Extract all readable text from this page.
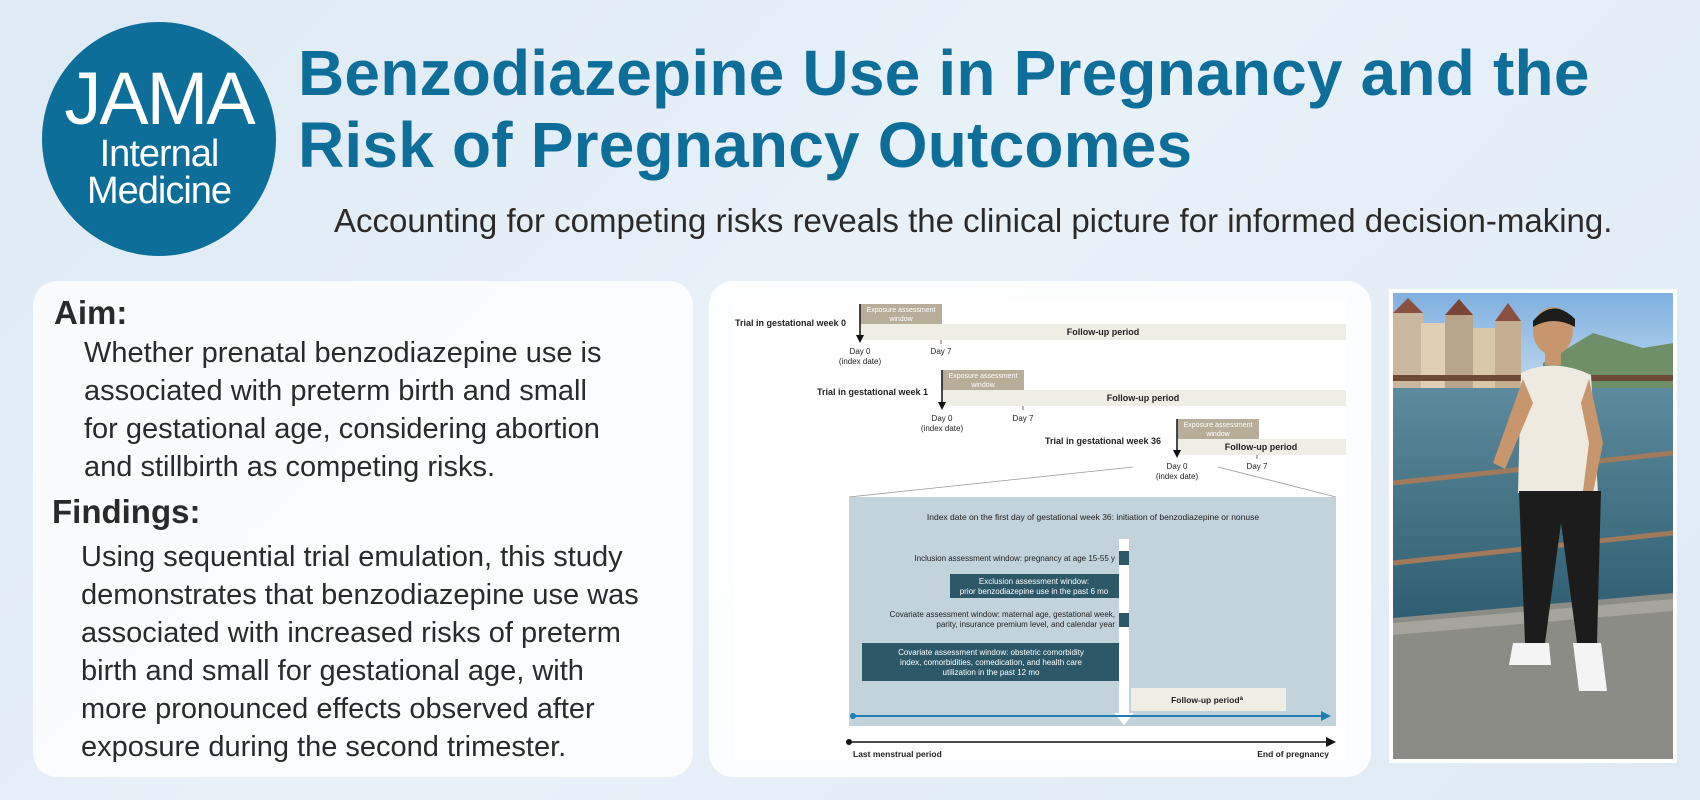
JAMA
Internal
Medicine
Benzodiazepine Use in Pregnancy and the Risk of Pregnancy Outcomes
Accounting for competing risks reveals the clinical picture for informed decision-making.
Aim:

Whether prenatal benzodiazepine use is

associated with preterm birth and small

for gestational age, considering abortion

and stillbirth as competing risks.

Findings:

Using sequential trial emulation, this study

demonstrates that benzodiazepine use was

associated with increased risks of preterm

birth and small for gestational age, with

more pronounced effects observed after

exposure during the second trimester.

Exposure assessment
window
Follow-up period
Trial in gestational week 0
Day 0
(index date)
Day 7
Exposure assessment
window
Follow-up period
Trial in gestational week 1
Day 0
(index date)
Day 7
Exposure assessment
window
Follow-up period
Trial in gestational week 36
Day 0
(index date)
Day 7
Index date on the first day of gestational week 36: initiation of benzodiazepine or nonuse
Inclusion assessment window: pregnancy at age 15-55 y
Exclusion assessment window:
prior benzodiazepine use in the past 6 mo
Covariate assessment window: maternal age, gestational week,
parity, insurance premium level, and calendar year
Covariate assessment window: obstetric comorbidity
index, comorbidities, comedication, and health care
utilization in the past 12 mo
Follow-up period$^a$
Last menstrual period	End of pregnancy
